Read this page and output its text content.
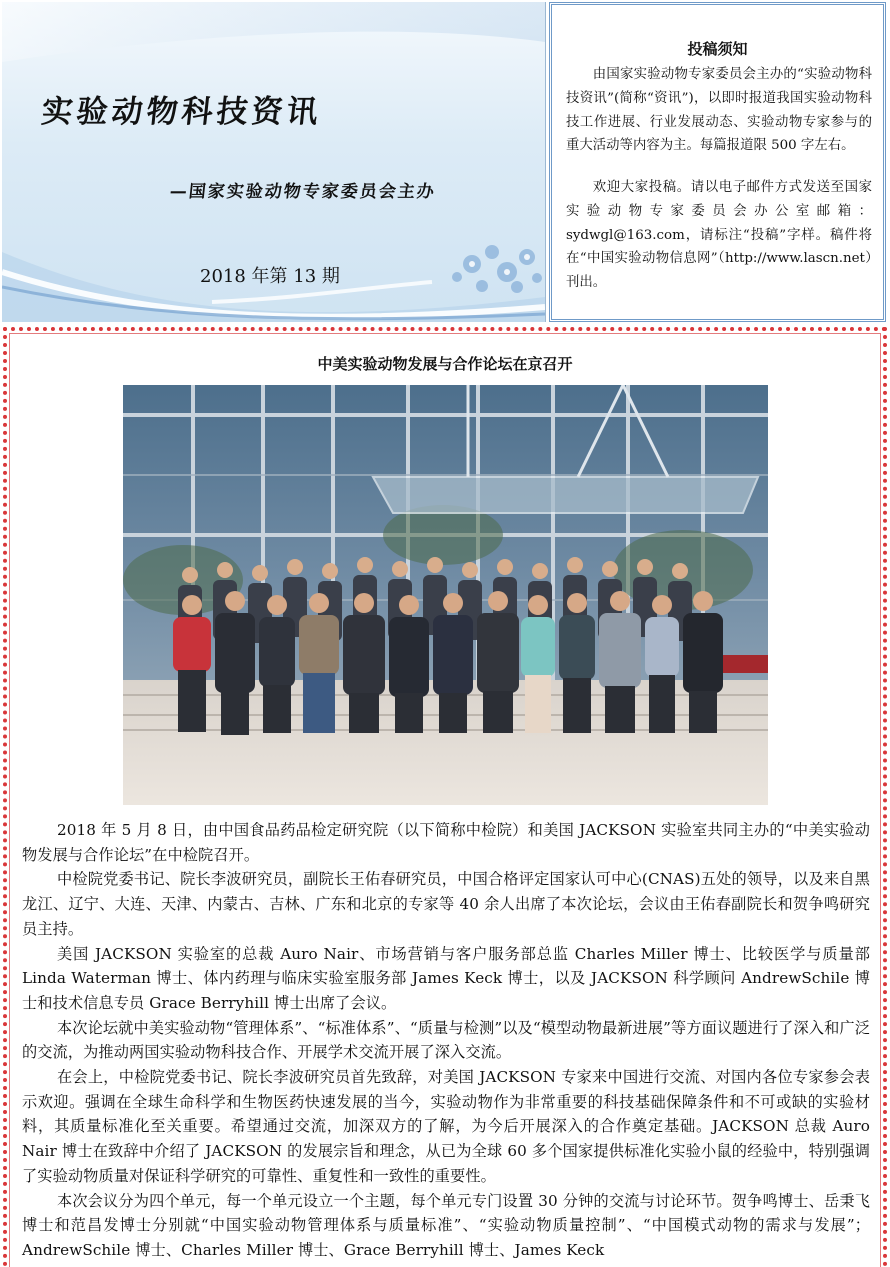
实验动物科技资讯
—国家实验动物专家委员会主办
2018 年第 13 期
投稿须知

由国家实验动物专家委员会主办的“实验动物科技资讯”(简称“资讯”)，以即时报道我国实验动物科技工作进展、行业发展动态、实验动物专家参与的重大活动等内容为主。每篇报道限 500 字左右。

欢迎大家投稿。请以电子邮件方式发送至国家实验动物专家委员会办公室邮箱：sydwgl@163.com，请标注“投稿”字样。稿件将在“中国实验动物信息网”（http://www.lascn.net）刊出。

中美实验动物发展与合作论坛在京召开

2018 年 5 月 8 日，由中国食品药品检定研究院（以下简称中检院）和美国 JACKSON 实验室共同主办的“中美实验动物发展与合作论坛”在中检院召开。

中检院党委书记、院长李波研究员，副院长王佑春研究员，中国合格评定国家认可中心(CNAS)五处的领导，以及来自黑龙江、辽宁、大连、天津、内蒙古、吉林、广东和北京的专家等 40 余人出席了本次论坛，会议由王佑春副院长和贺争鸣研究员主持。

美国 JACKSON 实验室的总裁 Auro Nair、市场营销与客户服务部总监 Charles Miller 博士、比较医学与质量部 Linda Waterman 博士、体内药理与临床实验室服务部 James Keck 博士，以及 JACKSON 科学顾问 AndrewSchile 博士和技术信息专员 Grace Berryhill 博士出席了会议。

本次论坛就中美实验动物“管理体系”、“标准体系”、“质量与检测”以及“模型动物最新进展”等方面议题进行了深入和广泛的交流，为推动两国实验动物科技合作、开展学术交流开展了深入交流。

在会上，中检院党委书记、院长李波研究员首先致辞，对美国 JACKSON 专家来中国进行交流、对国内各位专家参会表示欢迎。强调在全球生命科学和生物医药快速发展的当今，实验动物作为非常重要的科技基础保障条件和不可或缺的实验材料，其质量标准化至关重要。希望通过交流，加深双方的了解，为今后开展深入的合作奠定基础。JACKSON 总裁 Auro Nair 博士在致辞中介绍了 JACKSON 的发展宗旨和理念，从已为全球 60 多个国家提供标准化实验小鼠的经验中，特别强调了实验动物质量对保证科学研究的可靠性、重复性和一致性的重要性。

本次会议分为四个单元，每一个单元设立一个主题，每个单元专门设置 30 分钟的交流与讨论环节。贺争鸣博士、岳秉飞博士和范昌发博士分别就“中国实验动物管理体系与质量标准”、“实验动物质量控制”、“中国模式动物的需求与发展”；AndrewSchile 博士、Charles Miller 博士、Grace Berryhill 博士、James Keck
